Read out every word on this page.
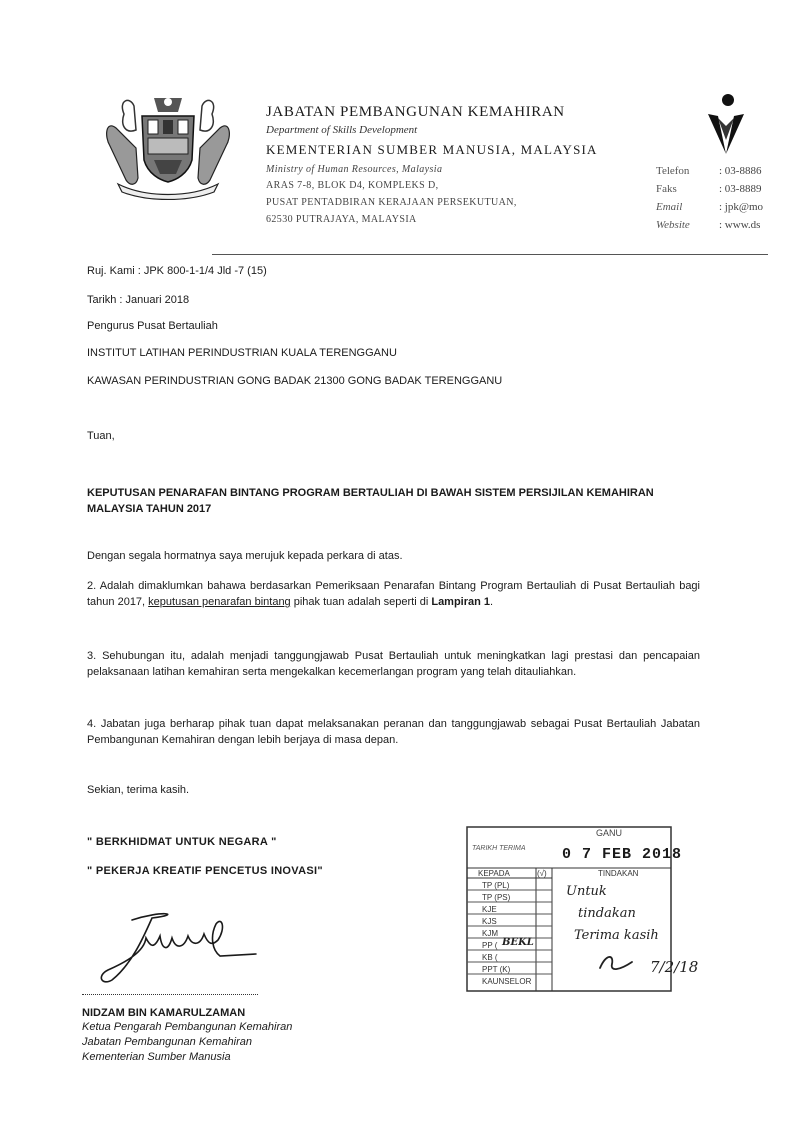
JABATAN PEMBANGUNAN KEMAHIRAN
Department of Skills Development
KEMENTERIAN SUMBER MANUSIA, MALAYSIA
Ministry of Human Resources, Malaysia
ARAS 7-8, BLOK D4, KOMPLEKS D,
PUSAT PENTADBIRAN KERAJAAN PERSEKUTUAN,
62530 PUTRAJAYA, MALAYSIA
Telefon	: 03-8886
Faks	: 03-8889
Email	: jpk@mo
Website	: www.ds
Ruj. Kami : JPK 800-1-1/4 Jld -7 (15)
Tarikh : Januari 2018
Pengurus Pusat Bertauliah
INSTITUT LATIHAN PERINDUSTRIAN KUALA TERENGGANU
KAWASAN PERINDUSTRIAN GONG BADAK 21300 GONG BADAK TERENGGANU
Tuan,
KEPUTUSAN PENARAFAN BINTANG PROGRAM BERTAULIAH DI BAWAH SISTEM PERSIJILAN KEMAHIRAN MALAYSIA TAHUN 2017
Dengan segala hormatnya saya merujuk kepada perkara di atas.
2. Adalah dimaklumkan bahawa berdasarkan Pemeriksaan Penarafan Bintang Program Bertauliah di Pusat Bertauliah bagi tahun 2017, keputusan penarafan bintang pihak tuan adalah seperti di Lampiran 1.
3. Sehubungan itu, adalah menjadi tanggungjawab Pusat Bertauliah untuk meningkatkan lagi prestasi dan pencapaian pelaksanaan latihan kemahiran serta mengekalkan kecemerlangan program yang telah ditauliahkan.
4. Jabatan juga berharap pihak tuan dapat melaksanakan peranan dan tanggungjawab sebagai Pusat Bertauliah Jabatan Pembangunan Kemahiran dengan lebih berjaya di masa depan.
Sekian, terima kasih.
" BERKHIDMAT UNTUK NEGARA "
" PEKERJA KREATIF PENCETUS INOVASI"
NIDZAM BIN KAMARULZAMAN
Ketua Pengarah Pembangunan Kemahiran
Jabatan Pembangunan Kemahiran
Kementerian Sumber Manusia
GANU
TARIKH TERIMA 0 7 FEB 2018
KEPADA	(√)	TINDAKAN
TP (PL)
TP (PS)
KJE
KJS
KJM
PP (
KB (
PPT (K)
KAUNSELOR
BEKL
Untuk
tindakan
Terima kasih
7/2/18
